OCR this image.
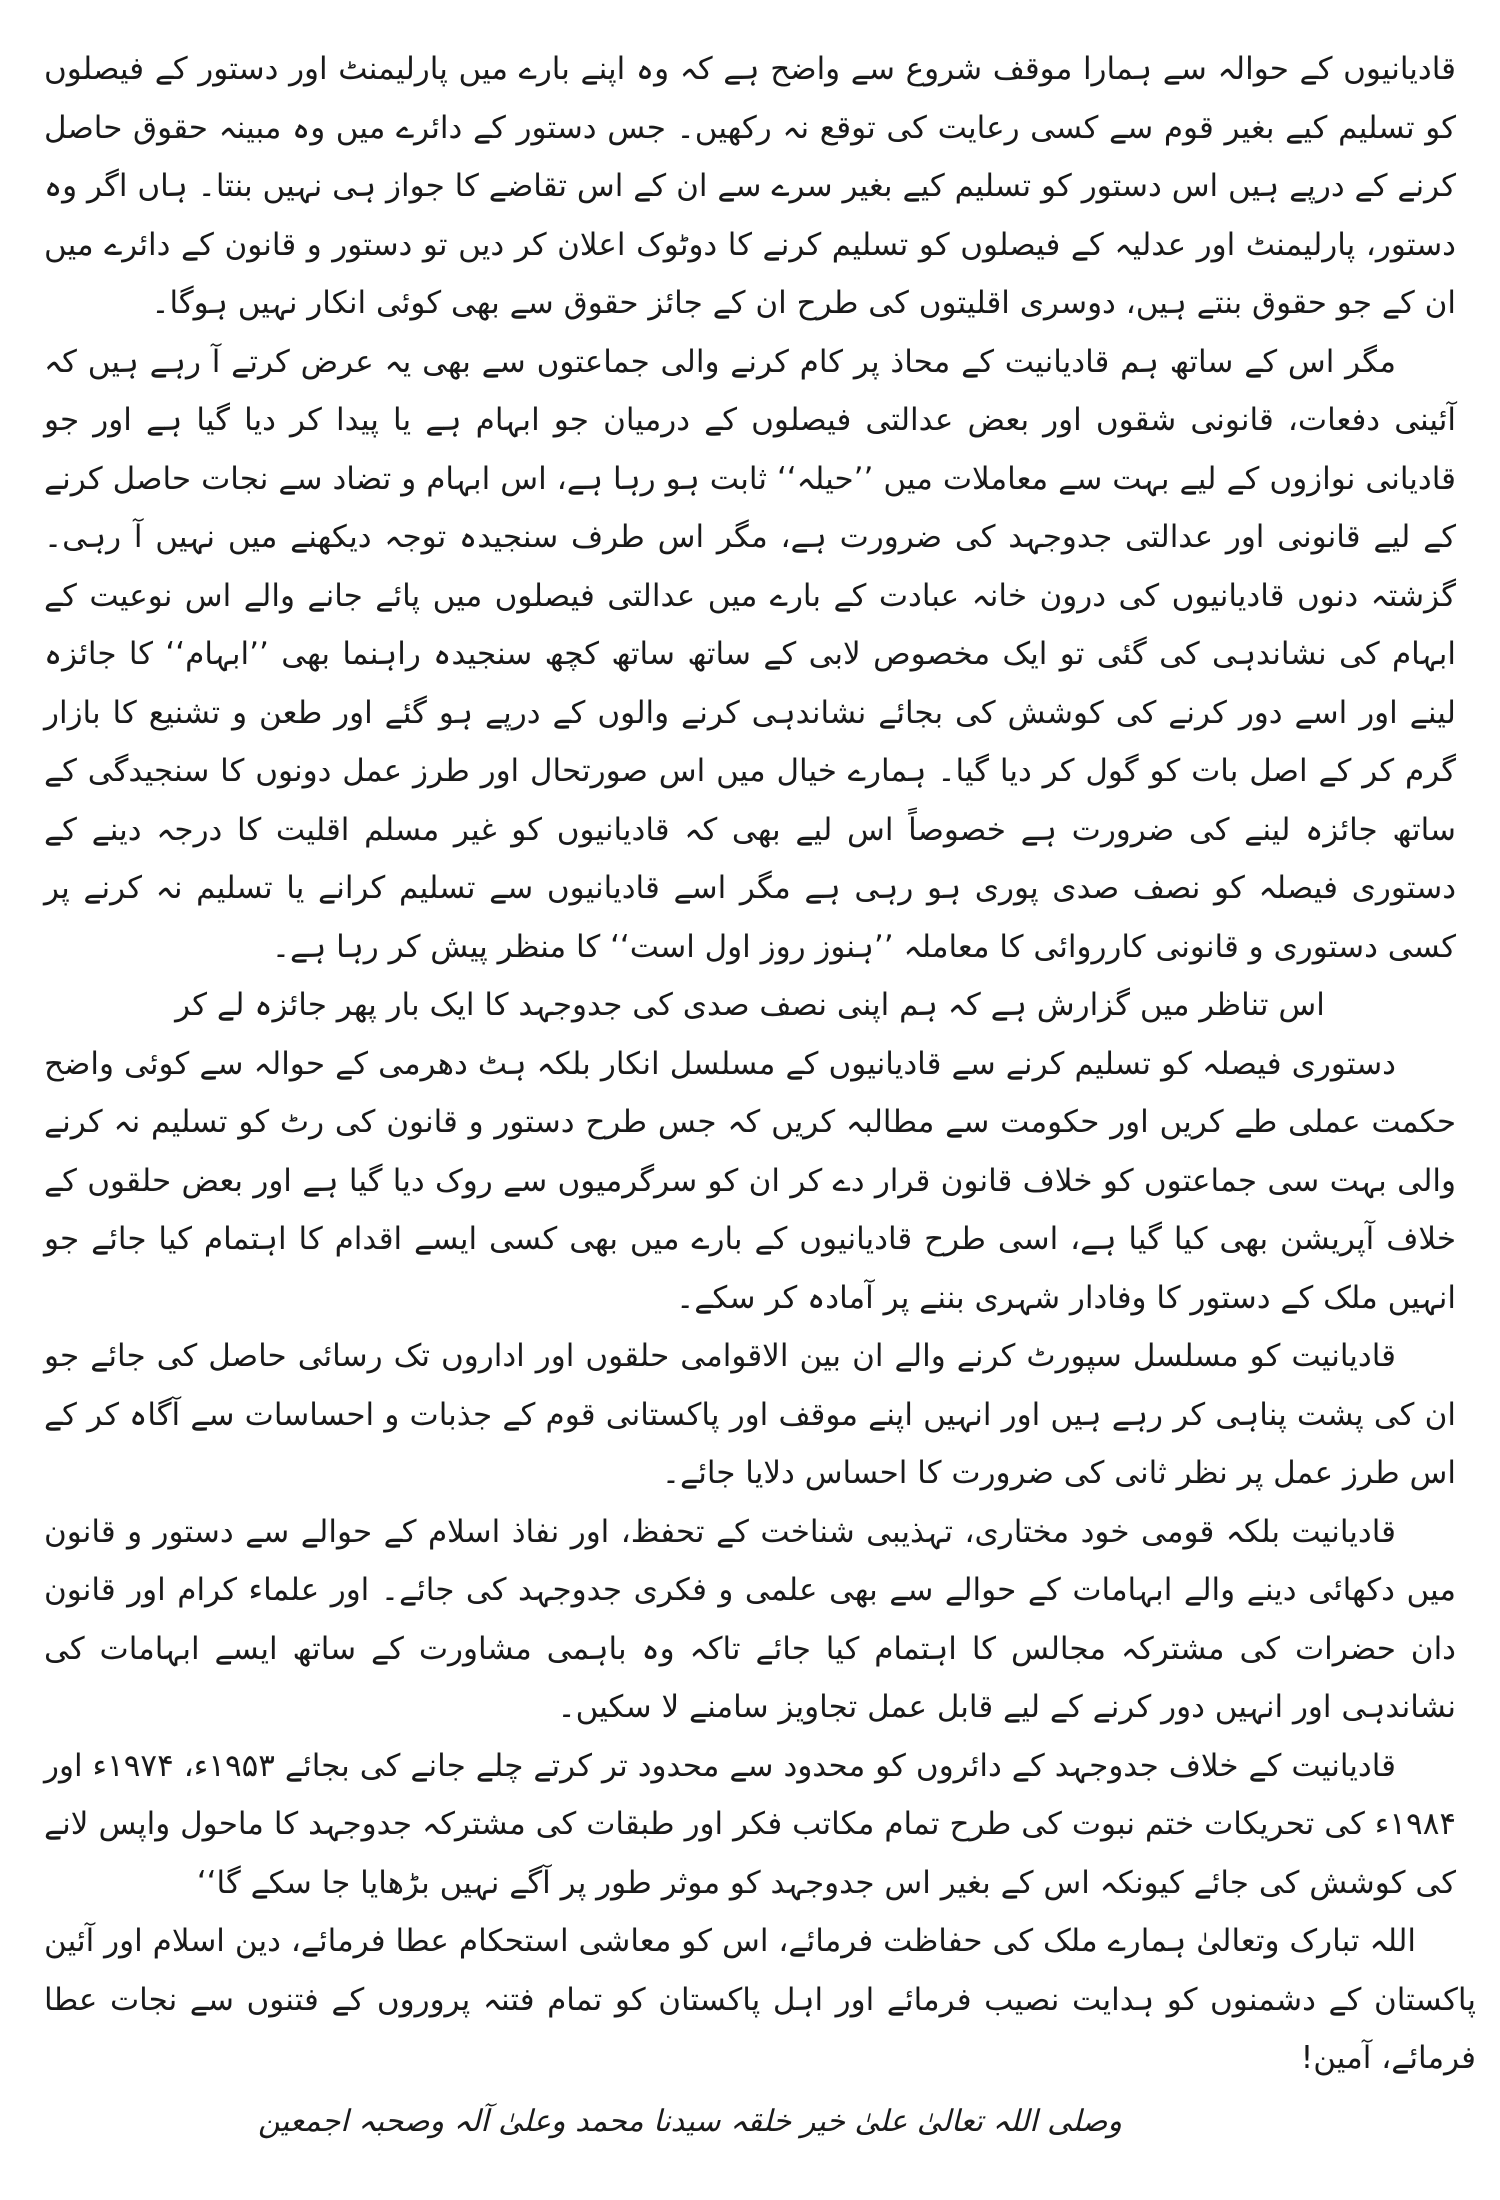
قادیانیوں کے حوالہ سے ہمارا موقف شروع سے واضح ہے کہ وہ اپنے بارے میں پارلیمنٹ اور دستور کے فیصلوں کو تسلیم کیے بغیر قوم سے کسی رعایت کی توقع نہ رکھیں۔ جس دستور کے دائرے میں وہ مبینہ حقوق حاصل کرنے کے درپے ہیں اس دستور کو تسلیم کیے بغیر سرے سے ان کے اس تقاضے کا جواز ہی نہیں بنتا۔ ہاں اگر وہ دستور، پارلیمنٹ اور عدلیہ کے فیصلوں کو تسلیم کرنے کا دوٹوک اعلان کر دیں تو دستور و قانون کے دائرے میں ان کے جو حقوق بنتے ہیں، دوسری اقلیتوں کی طرح ان کے جائز حقوق سے بھی کوئی انکار نہیں ہوگا۔

مگر اس کے ساتھ ہم قادیانیت کے محاذ پر کام کرنے والی جماعتوں سے بھی یہ عرض کرتے آ رہے ہیں کہ آئینی دفعات، قانونی شقوں اور بعض عدالتی فیصلوں کے درمیان جو ابہام ہے یا پیدا کر دیا گیا ہے اور جو قادیانی نوازوں کے لیے بہت سے معاملات میں ’’حیلہ‘‘ ثابت ہو رہا ہے، اس ابہام و تضاد سے نجات حاصل کرنے کے لیے قانونی اور عدالتی جدوجہد کی ضرورت ہے، مگر اس طرف سنجیدہ توجہ دیکھنے میں نہیں آ رہی۔ گزشتہ دنوں قادیانیوں کی درون خانہ عبادت کے بارے میں عدالتی فیصلوں میں پائے جانے والے اس نوعیت کے ابہام کی نشاندہی کی گئی تو ایک مخصوص لابی کے ساتھ ساتھ کچھ سنجیدہ راہنما بھی ’’ابہام‘‘ کا جائزہ لینے اور اسے دور کرنے کی کوشش کی بجائے نشاندہی کرنے والوں کے درپے ہو گئے اور طعن و تشنیع کا بازار گرم کر کے اصل بات کو گول کر دیا گیا۔ ہمارے خیال میں اس صورتحال اور طرز عمل دونوں کا سنجیدگی کے ساتھ جائزہ لینے کی ضرورت ہے خصوصاً اس لیے بھی کہ قادیانیوں کو غیر مسلم اقلیت کا درجہ دینے کے دستوری فیصلہ کو نصف صدی پوری ہو رہی ہے مگر اسے قادیانیوں سے تسلیم کرانے یا تسلیم نہ کرنے پر کسی دستوری و قانونی کارروائی کا معاملہ ’’ہنوز روز اول است‘‘ کا منظر پیش کر رہا ہے۔

اس تناظر میں گزارش ہے کہ ہم اپنی نصف صدی کی جدوجہد کا ایک بار پھر جائزہ لے کر

دستوری فیصلہ کو تسلیم کرنے سے قادیانیوں کے مسلسل انکار بلکہ ہٹ دھرمی کے حوالہ سے کوئی واضح حکمت عملی طے کریں اور حکومت سے مطالبہ کریں کہ جس طرح دستور و قانون کی رٹ کو تسلیم نہ کرنے والی بہت سی جماعتوں کو خلاف قانون قرار دے کر ان کو سرگرمیوں سے روک دیا گیا ہے اور بعض حلقوں کے خلاف آپریشن بھی کیا گیا ہے، اسی طرح قادیانیوں کے بارے میں بھی کسی ایسے اقدام کا اہتمام کیا جائے جو انہیں ملک کے دستور کا وفادار شہری بننے پر آمادہ کر سکے۔

قادیانیت کو مسلسل سپورٹ کرنے والے ان بین الاقوامی حلقوں اور اداروں تک رسائی حاصل کی جائے جو ان کی پشت پناہی کر رہے ہیں اور انہیں اپنے موقف اور پاکستانی قوم کے جذبات و احساسات سے آگاہ کر کے اس طرز عمل پر نظر ثانی کی ضرورت کا احساس دلایا جائے۔

قادیانیت بلکہ قومی خود مختاری، تہذیبی شناخت کے تحفظ، اور نفاذ اسلام کے حوالے سے دستور و قانون میں دکھائی دینے والے ابہامات کے حوالے سے بھی علمی و فکری جدوجہد کی جائے۔ اور علماء کرام اور قانون دان حضرات کی مشترکہ مجالس کا اہتمام کیا جائے تاکہ وہ باہمی مشاورت کے ساتھ ایسے ابہامات کی نشاندہی اور انہیں دور کرنے کے لیے قابل عمل تجاویز سامنے لا سکیں۔

قادیانیت کے خلاف جدوجہد کے دائروں کو محدود سے محدود تر کرتے چلے جانے کی بجائے ۱۹۵۳ء، ۱۹۷۴ء اور ۱۹۸۴ء کی تحریکات ختم نبوت کی طرح تمام مکاتب فکر اور طبقات کی مشترکہ جدوجہد کا ماحول واپس لانے کی کوشش کی جائے کیونکہ اس کے بغیر اس جدوجہد کو موثر طور پر آگے نہیں بڑھایا جا سکے گا‘‘

اللہ تبارک وتعالیٰ ہمارے ملک کی حفاظت فرمائے، اس کو معاشی استحکام عطا فرمائے، دین اسلام اور آئین پاکستان کے دشمنوں کو ہدایت نصیب فرمائے اور اہل پاکستان کو تمام فتنہ پروروں کے فتنوں سے نجات عطا فرمائے، آمین!

وصلی اللہ تعالیٰ علیٰ خیر خلقہ سیدنا محمد وعلیٰ آلہ وصحبہ اجمعین
